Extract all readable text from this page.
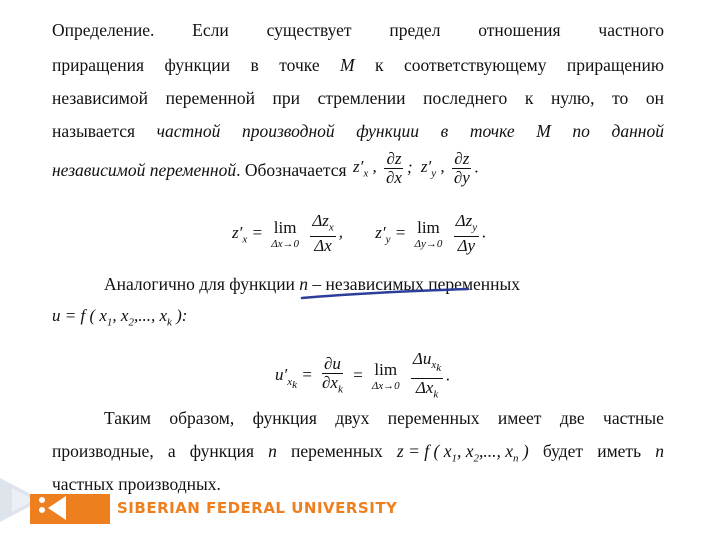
Определение. Если существует предел отношения частного
приращения функции в точке M к соответствующему приращению
независимой переменной при стремлении последнего к нулю, то он
называется частной производной функции в точке M по данной
независимой переменной. Обозначается $z'_x$ , $\frac{\partial z}{\partial x}$ ; $z'_y$ , $\frac{\partial z}{\partial y}$ .
$z'_x = \lim$
Δx→0
$\frac{\Delta z_x}{\Delta x}$ , $z'_y = \lim$
Δy→0
$\frac{\Delta z_y}{\Delta y}$ .
Аналогично для функции n – независимых переменных
u = f ( $x_1$, $x_2$,..., $x_k$ ):
$u'_{x_k} = \frac{\partial u}{\partial x_k} = \lim$
Δx→0
$\frac{\Delta u_{x_k}}{\Delta x_k}$ .
Таким образом, функция двух переменных имеет две частные
производные, а функция n переменных z = f ( $x_1$, $x_2$,..., $x_n$ ) будет иметь n
частных производных.
SIBERIAN FEDERAL UNIVERSITY
